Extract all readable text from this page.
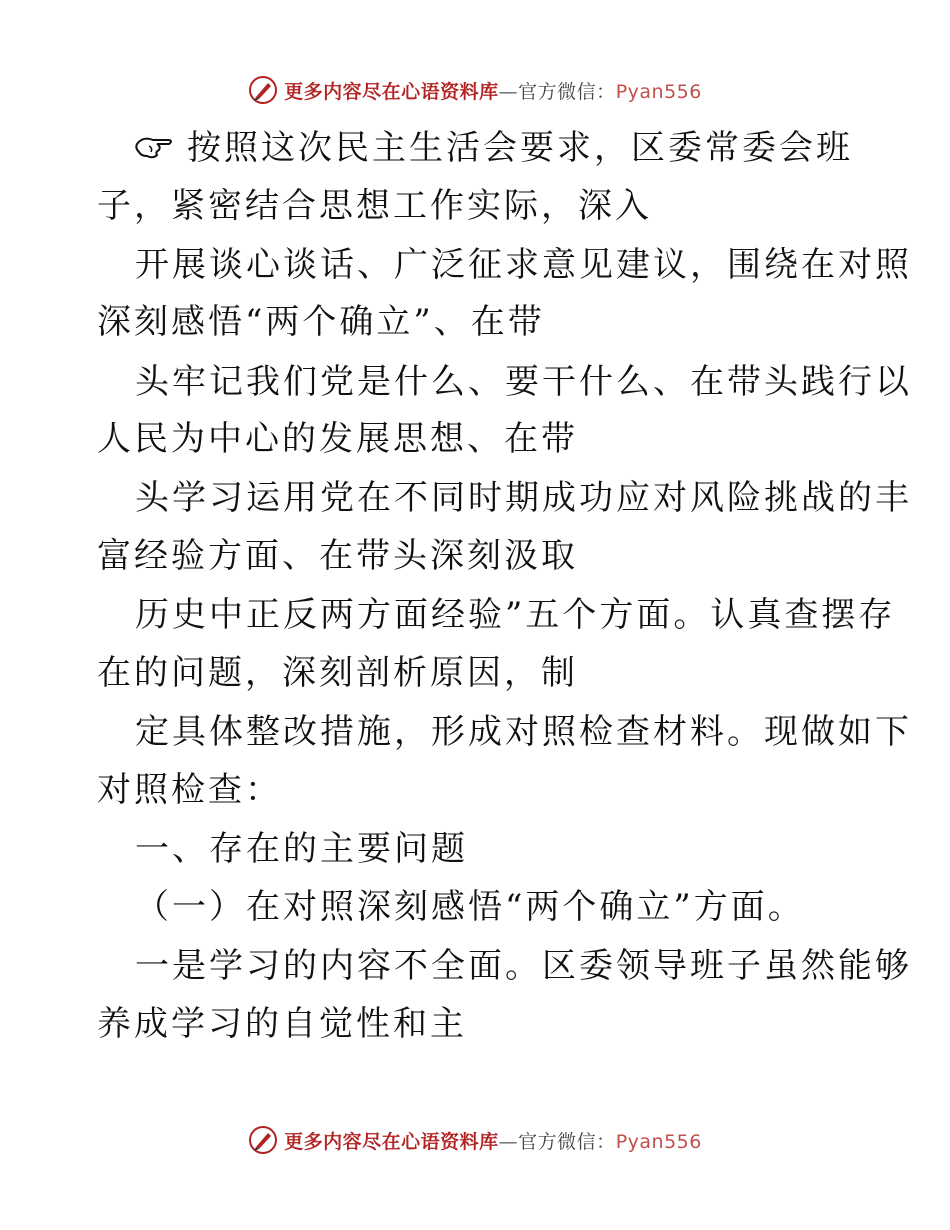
更多内容尽在心语资料库—官方微信：Pyan556
按照这次民主生活会要求，区委常委会班
子，紧密结合思想工作实际，深入
开展谈心谈话、广泛征求意见建议，围绕在对照
深刻感悟“两个确立”、在带
头牢记我们党是什么、要干什么、在带头践行以
人民为中心的发展思想、在带
头学习运用党在不同时期成功应对风险挑战的丰
富经验方面、在带头深刻汲取
历史中正反两方面经验”五个方面。认真查摆存
在的问题，深刻剖析原因，制
定具体整改措施，形成对照检查材料。现做如下
对照检查：
一、存在的主要问题
（一）在对照深刻感悟“两个确立”方面。
一是学习的内容不全面。区委领导班子虽然能够
养成学习的自觉性和主
更多内容尽在心语资料库—官方微信：Pyan556
